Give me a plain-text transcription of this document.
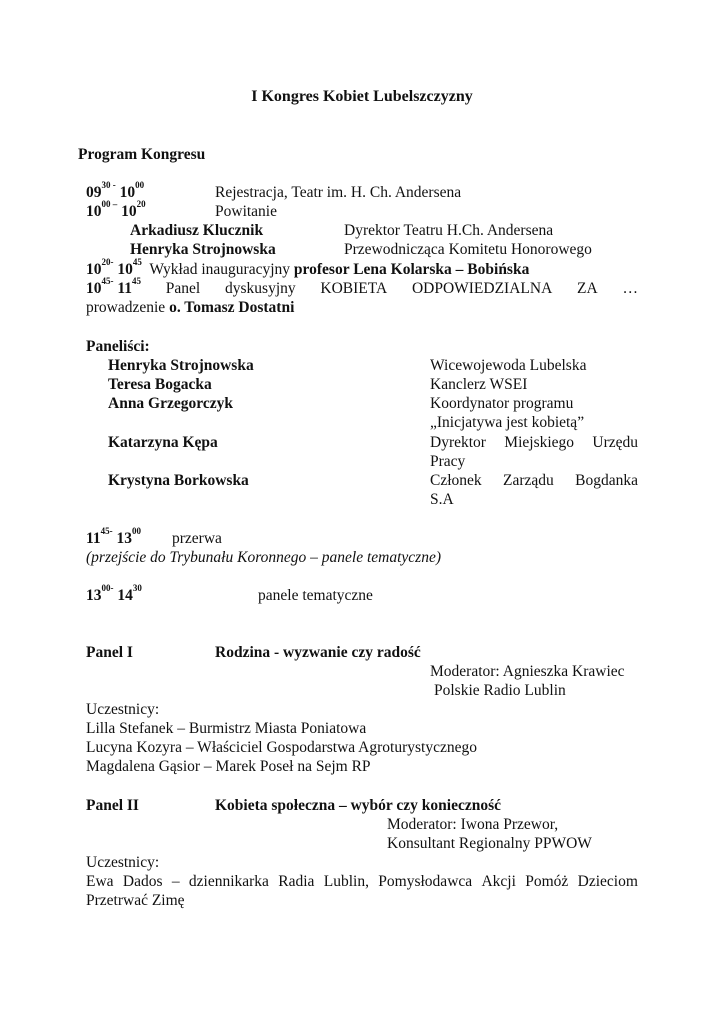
I Kongres Kobiet Lubelszczyzny
Program Kongresu
$09^{30 -}$ $10^{00}$	Rejestracja, Teatr im. H. Ch. Andersena
$10^{00 -}$ $10^{20}$	Powitanie
Arkadiusz Klucznik	Dyrektor Teatru H.Ch. Andersena
Henryka Strojnowska	Przewodnicząca Komitetu Honorowego
$10^{20-}$ $10^{45}$ Wykład inauguracyjny profesor Lena Kolarska – Bobińska
$10^{45-}$ $11^{45}$ Panel dyskusyjny KOBIETA ODPOWIEDZIALNA ZA …
prowadzenie o. Tomasz Dostatni
Paneliści:
Henryka Strojnowska	Wicewojewoda Lubelska
Teresa Bogacka	Kanclerz WSEI
Anna Grzegorczyk	Koordynator programu
„Inicjatywa jest kobietą”
Katarzyna Kępa	Dyrektor Miejskiego Urzędu
Pracy
Krystyna Borkowska	Członek Zarządu Bogdanka
S.A
$11^{45-}$ $13^{00}$ przerwa
(przejście do Trybunału Koronnego – panele tematyczne)
$13^{00-}$ $14^{30}$	panele tematyczne
Panel I	Rodzina - wyzwanie czy radość
Moderator: Agnieszka Krawiec
Polskie Radio Lublin
Uczestnicy:
Lilla Stefanek – Burmistrz Miasta Poniatowa
Lucyna Kozyra – Właściciel Gospodarstwa Agroturystycznego
Magdalena Gąsior – Marek Poseł na Sejm RP
Panel II	Kobieta społeczna – wybór czy konieczność
Moderator: Iwona Przewor,
Konsultant Regionalny PPWOW
Uczestnicy:
Ewa Dados – dziennikarka Radia Lublin, Pomysłodawca Akcji Pomóż Dzieciom
Przetrwać Zimę
